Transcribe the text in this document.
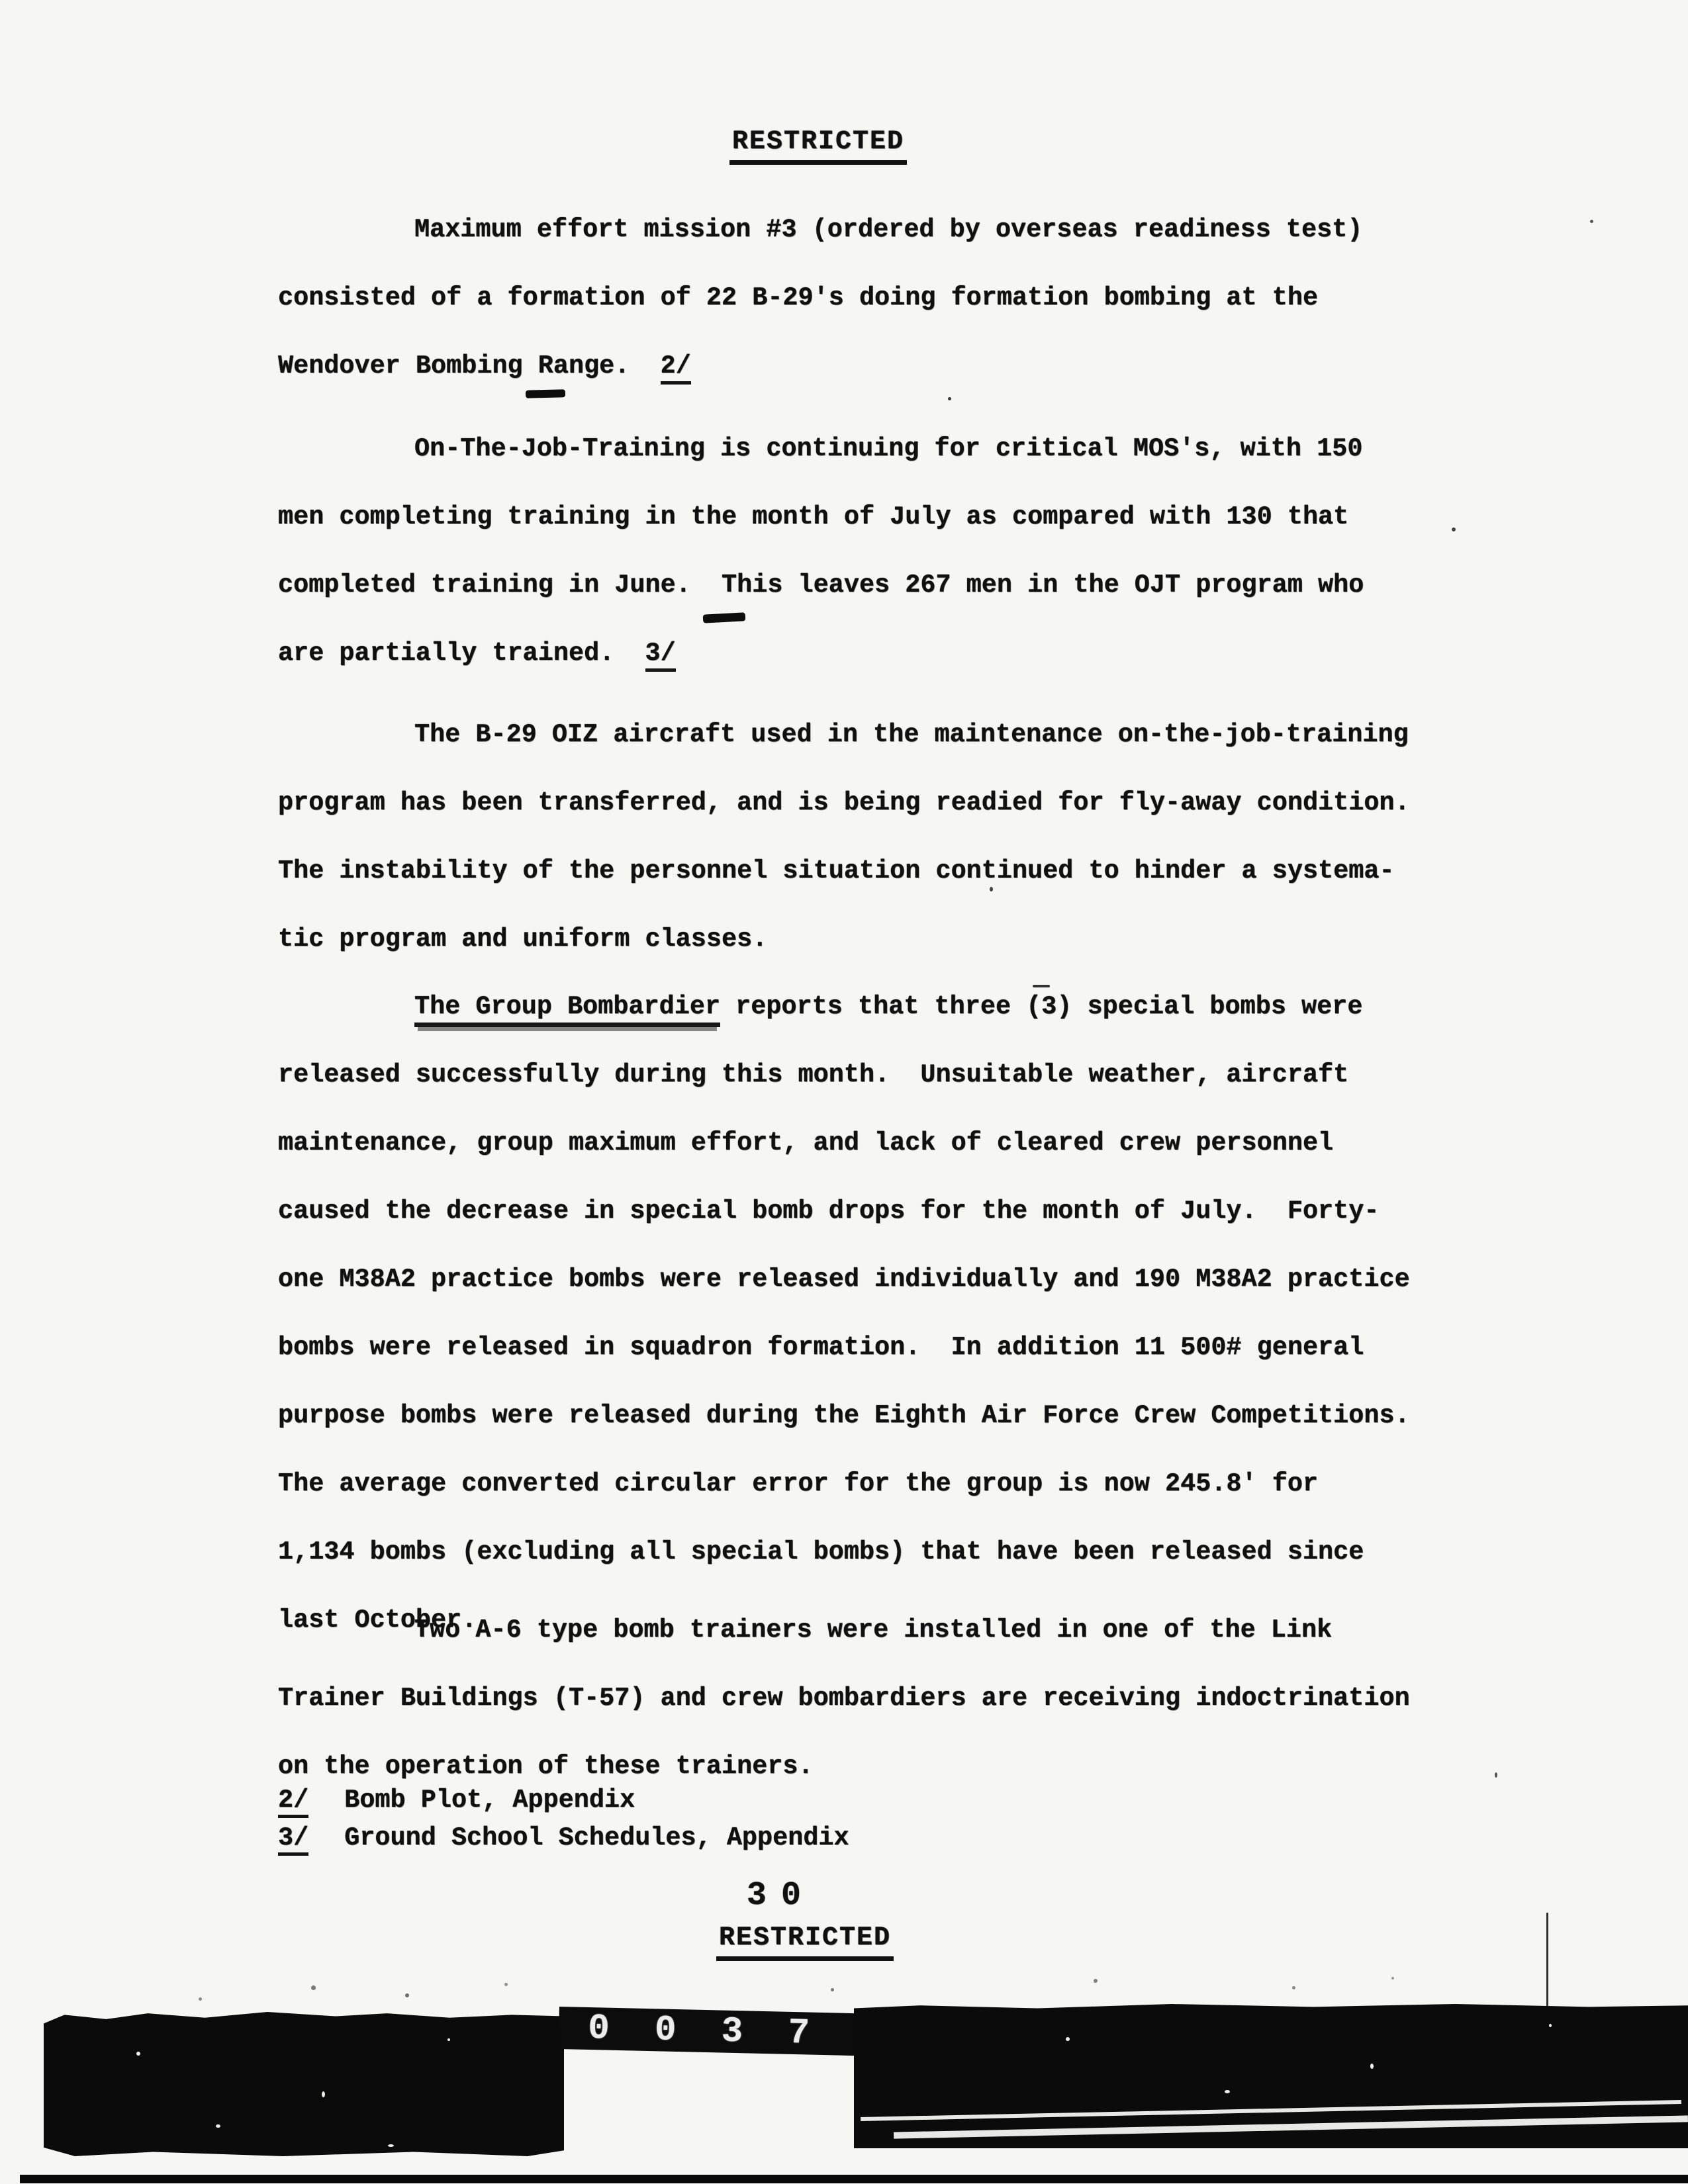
RESTRICTED
Maximum effort mission #3 (ordered by overseas readiness test)
consisted of a formation of 22 B-29's doing formation bombing at the
Wendover Bombing Range.  2/
On-The-Job-Training is continuing for critical MOS's, with 150
men completing training in the month of July as compared with 130 that
completed training in June.  This leaves 267 men in the OJT program who
are partially trained.  3/
The B-29 OIZ aircraft used in the maintenance on-the-job-training
program has been transferred, and is being readied for fly-away condition.
The instability of the personnel situation continued to hinder a systema-
tic program and uniform classes.
The Group Bombardier reports that three (3) special bombs were
released successfully during this month.  Unsuitable weather, aircraft
maintenance, group maximum effort, and lack of cleared crew personnel
caused the decrease in special bomb drops for the month of July.  Forty-
one M38A2 practice bombs were released individually and 190 M38A2 practice
bombs were released in squadron formation.  In addition 11 500# general
purpose bombs were released during the Eighth Air Force Crew Competitions.
The average converted circular error for the group is now 245.8' for
1,134 bombs (excluding all special bombs) that have been released since
last October.
Two A-6 type bomb trainers were installed in one of the Link
Trainer Buildings (T-57) and crew bombardiers are receiving indoctrination
on the operation of these trainers.
2/ Bomb Plot, Appendix
3/ Ground School Schedules, Appendix
30
RESTRICTED
0 0 3 7
